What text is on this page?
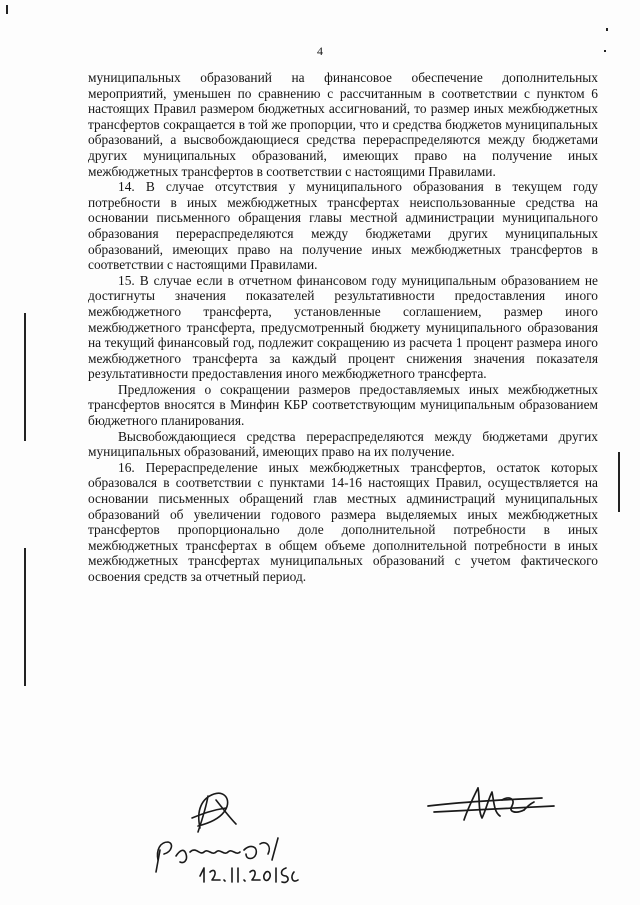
4

муниципальных образований на финансовое обеспечение дополнительных мероприятий, уменьшен по сравнению с рассчитанным в соответствии с пунктом 6 настоящих Правил размером бюджетных ассигнований, то размер иных межбюджетных трансфертов сокращается в той же пропорции, что и средства бюджетов муниципальных образований, а высвобождающиеся средства перераспределяются между бюджетами других муниципальных образований, имеющих право на получение иных межбюджетных трансфертов в соответствии с настоящими Правилами.

14. В случае отсутствия у муниципального образования в текущем году потребности в иных межбюджетных трансфертах неиспользованные средства на основании письменного обращения главы местной администрации муниципального образования перераспределяются между бюджетами других муниципальных образований, имеющих право на получение иных межбюджетных трансфертов в соответствии с настоящими Правилами.

15. В случае если в отчетном финансовом году муниципальным образованием не достигнуты значения показателей результативности предоставления иного межбюджетного трансферта, установленные соглашением, размер иного межбюджетного трансферта, предусмотренный бюджету муниципального образования на текущий финансовый год, подлежит сокращению из расчета 1 процент размера иного межбюджетного трансферта за каждый процент снижения значения показателя результативности предоставления иного межбюджетного трансферта.

Предложения о сокращении размеров предоставляемых иных межбюджетных трансфертов вносятся в Минфин КБР соответствующим муниципальным образованием бюджетного планирования.

Высвобождающиеся средства перераспределяются между бюджетами других муниципальных образований, имеющих право на их получение.

16. Перераспределение иных межбюджетных трансфертов, остаток которых образовался в соответствии с пунктами 14-16 настоящих Правил, осуществляется на основании письменных обращений глав местных администраций муниципальных образований об увеличении годового размера выделяемых иных межбюджетных трансфертов пропорционально доле дополнительной потребности в иных межбюджетных трансфертах в общем объеме дополнительной потребности в иных межбюджетных трансфертах муниципальных образований с учетом фактического освоения средств за отчетный период.
